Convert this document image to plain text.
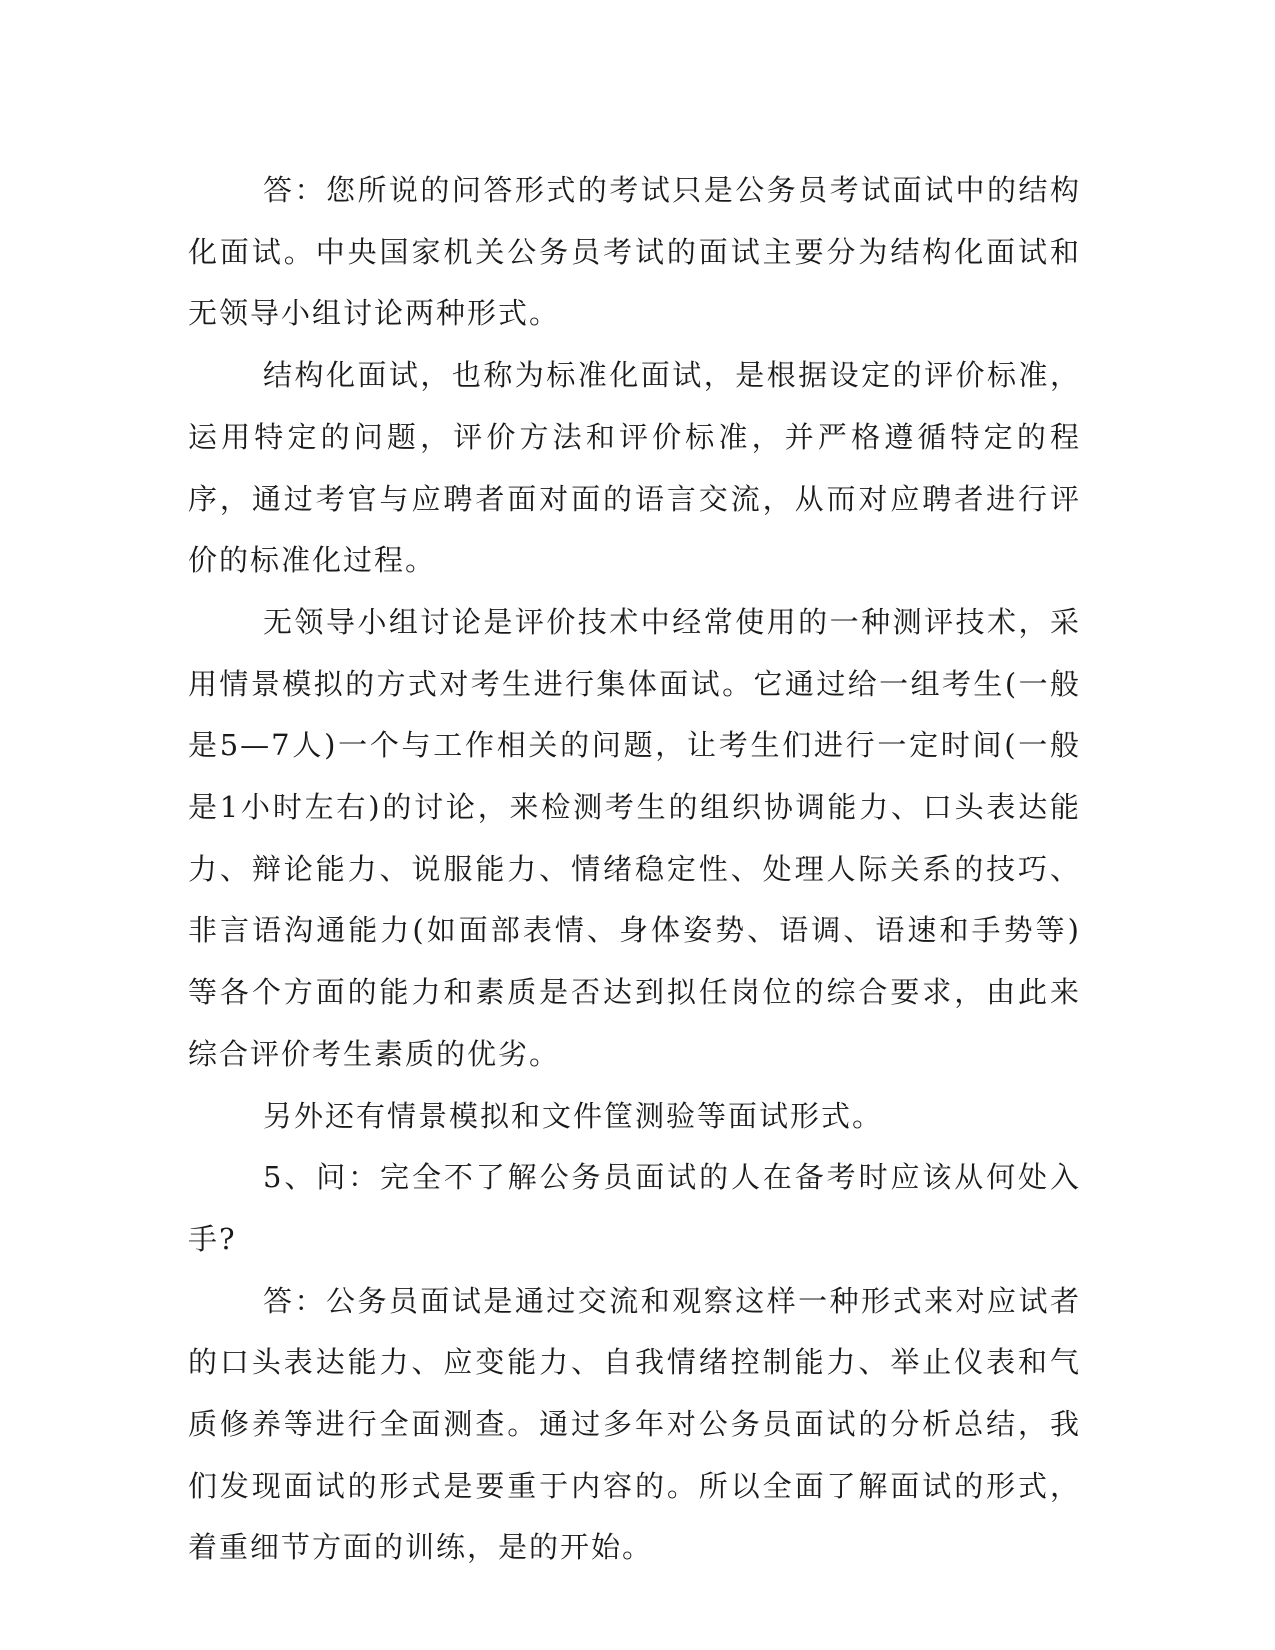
答：您所说的问答形式的考试只是公务员考试面试中的结构化面试。中央国家机关公务员考试的面试主要分为结构化面试和无领导小组讨论两种形式。

结构化面试，也称为标准化面试，是根据设定的评价标准，运用特定的问题，评价方法和评价标准，并严格遵循特定的程序，通过考官与应聘者面对面的语言交流，从而对应聘者进行评价的标准化过程。

无领导小组讨论是评价技术中经常使用的一种测评技术，采用情景模拟的方式对考生进行集体面试。它通过给一组考生(一般是5—7人)一个与工作相关的问题，让考生们进行一定时间(一般是1小时左右)的讨论，来检测考生的组织协调能力、口头表达能力、辩论能力、说服能力、情绪稳定性、处理人际关系的技巧、非言语沟通能力(如面部表情、身体姿势、语调、语速和手势等)等各个方面的能力和素质是否达到拟任岗位的综合要求，由此来综合评价考生素质的优劣。

另外还有情景模拟和文件筐测验等面试形式。

5、问：完全不了解公务员面试的人在备考时应该从何处入手?

答：公务员面试是通过交流和观察这样一种形式来对应试者的口头表达能力、应变能力、自我情绪控制能力、举止仪表和气质修养等进行全面测查。通过多年对公务员面试的分析总结，我们发现面试的形式是要重于内容的。所以全面了解面试的形式，着重细节方面的训练，是的开始。
